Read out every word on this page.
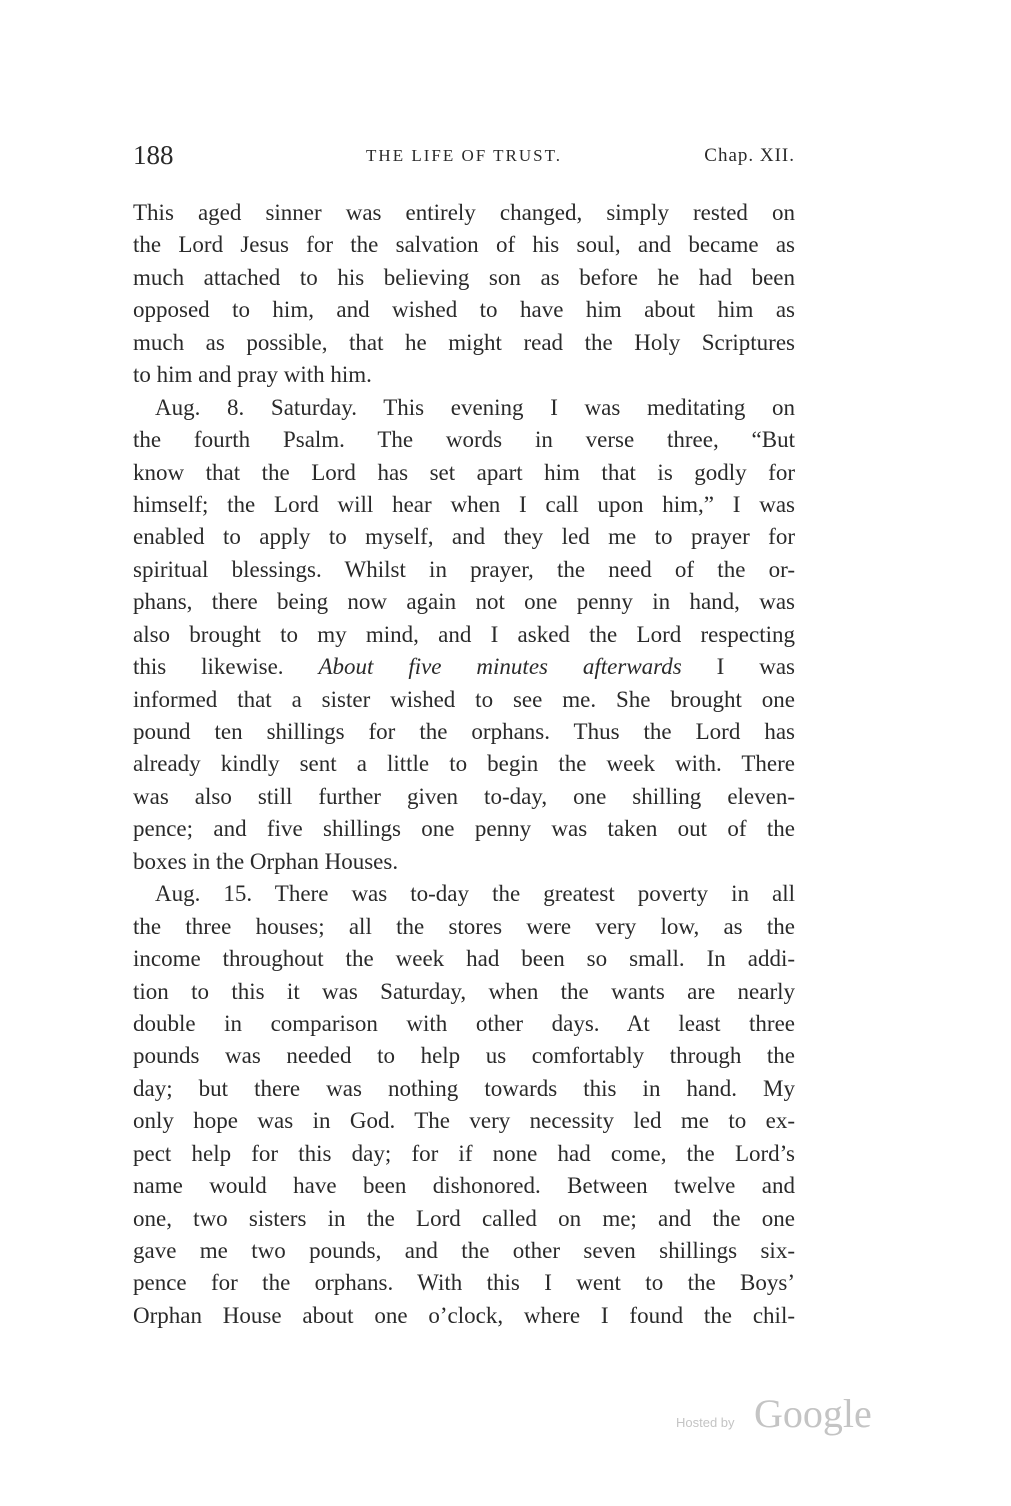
188	THE LIFE OF TRUST.	Chap. XII.
This aged sinner was entirely changed, simply rested on
the Lord Jesus for the salvation of his soul, and became as
much attached to his believing son as before he had been
opposed to him, and wished to have him about him as
much as possible, that he might read the Holy Scriptures
to him and pray with him.
Aug. 8. Saturday. This evening I was meditating on
the fourth Psalm. The words in verse three, “But
know that the Lord has set apart him that is godly for
himself; the Lord will hear when I call upon him,” I was
enabled to apply to myself, and they led me to prayer for
spiritual blessings. Whilst in prayer, the need of the or-
phans, there being now again not one penny in hand, was
also brought to my mind, and I asked the Lord respecting
this likewise. About five minutes afterwards I was
informed that a sister wished to see me. She brought one
pound ten shillings for the orphans. Thus the Lord has
already kindly sent a little to begin the week with. There
was also still further given to-day, one shilling eleven-
pence; and five shillings one penny was taken out of the
boxes in the Orphan Houses.
Aug. 15. There was to-day the greatest poverty in all
the three houses; all the stores were very low, as the
income throughout the week had been so small. In addi-
tion to this it was Saturday, when the wants are nearly
double in comparison with other days. At least three
pounds was needed to help us comfortably through the
day; but there was nothing towards this in hand. My
only hope was in God. The very necessity led me to ex-
pect help for this day; for if none had come, the Lord’s
name would have been dishonored. Between twelve and
one, two sisters in the Lord called on me; and the one
gave me two pounds, and the other seven shillings six-
pence for the orphans. With this I went to the Boys’
Orphan House about one o’clock, where I found the chil-
Hosted by Google
